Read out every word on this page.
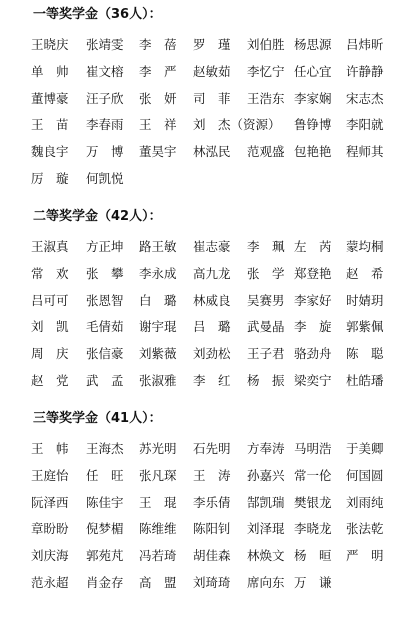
一等奖学金（36人）：
王晓庆	张靖雯	李　蓓	罗　瑾	刘伯胜 杨思源	吕炜昕
单　帅	崔文榕	李　严	赵敏茹	李忆宁 任心宜	许静静
董博豪	汪子欣	张　妍	司　菲	王浩东 李家娴	宋志杰
王　苗	李春雨	王　祥	刘　杰（资源）	鲁铮博	李阳就
魏良宇	万　博	董昊宇	林泓民	范观盛 包艳艳	程师其
厉　璇	何凯悦
二等奖学金（42人）：
王淑真	方正坤	路王敏	崔志豪	李　珮 左　芮	蒙均桐
常　欢	张　攀	李永成	高九龙	张　学 郑登艳	赵　希
吕可可	张恩智	白　璐	林威良	吴赛男 李家好	时婧玥
刘　凯	毛倩茹	谢宇琨	吕　璐	武曼晶 李　旋	郭紫佩
周　庆	张信豪	刘紫薇	刘劲松	王子君 骆劲舟	陈　聪
赵　党	武　孟	张淑雅	李　红	杨　振 梁奕宁	杜皓璠
三等奖学金（41人）：
王　帏	王海杰	苏光明	石先明	方奉涛 马明浩	于美卿
王庭怡	任　旺	张凡琛	王　涛	孙嘉兴 常一伦	何国圆
阮泽西	陈佳宇	王　琨	李乐倩	郜凯瑞 樊银龙	刘雨纯
章盼盼	倪梦楣	陈维维	陈阳钊	刘泽琨 李晓龙	张法乾
刘庆海	郭苑芃	冯若琦	胡佳森	林焕文 杨　晅	严　明
范永超	肖金存	高　盟	刘琦琦	席向东 万　谦
